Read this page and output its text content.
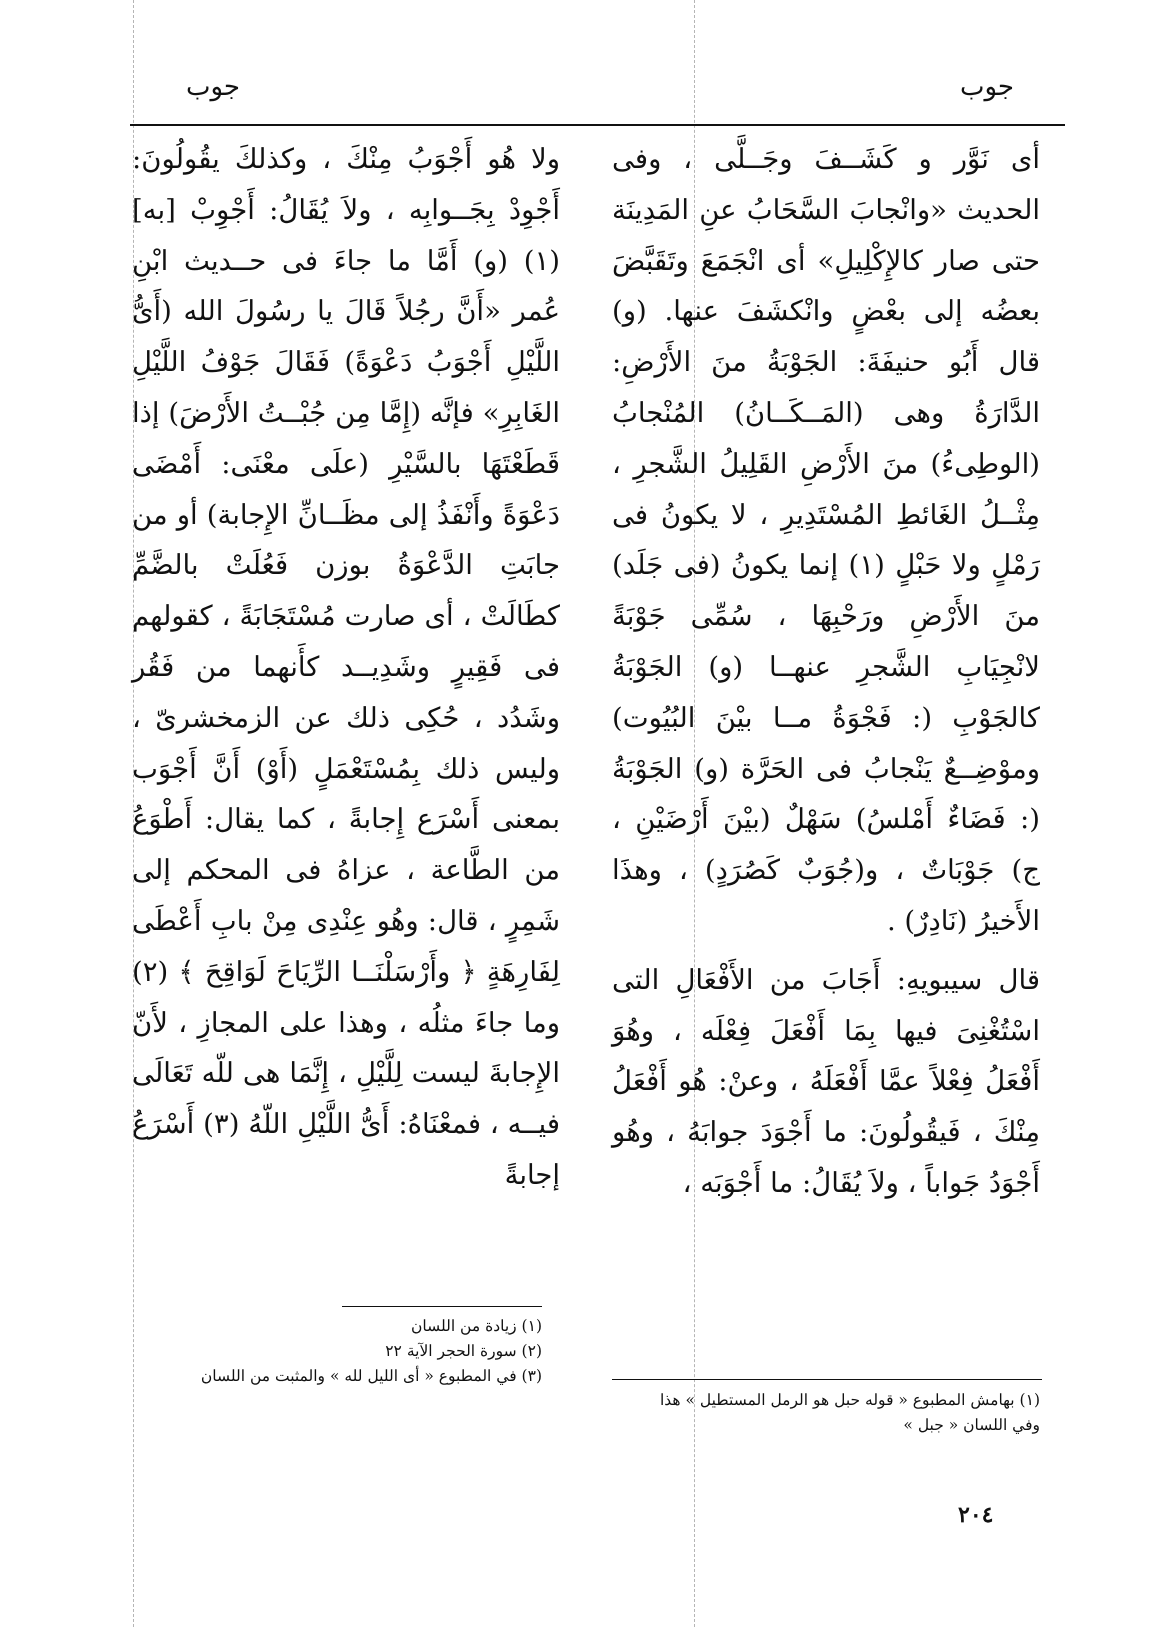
جوب
جوب

أى نَوَّر و كَشَــفَ وجَــلَّى ، وفى الحديث «وانْجابَ السَّحَابُ عنِ المَدِينَة حتى صار كالإِكْلِيلِ» أى انْجَمَعَ وتَقَبَّضَ بعضُه إلى بعْضٍ وانْكشَفَ عنها. (و) قال أَبُو حنيفَةَ: الجَوْبَةُ منَ الأَرْضِ: الدَّارَةُ وهى (المَــكَــانُ) المُنْجابُ (الوطِىءُ) منَ الأَرْضِ القَلِيلُ الشَّجرِ ، مِثْــلُ الغَائطِ المُسْتَدِيرِ ، لا يكونُ فى رَمْلٍ ولا حَبْلٍ (١) إنما يكونُ (فى جَلَد) منَ الأَرْضِ ورَحْبِهَا ، سُمِّى جَوْبَةً لانْجِيَابِ الشَّجرِ عنهــا (و) الجَوْبَةُ كالجَوْبِ (: فَجْوَةُ مــا بيْنَ البُيُوت) وموْضِــعٌ يَنْجابُ فى الحَرَّة (و) الجَوْبَةُ (: فَضَاءٌ أَمْلسُ) سَهْلٌ (بيْنَ أَرْضَيْنِ ، ج) جَوْبَاتٌ ، و(جُوَبٌ كَصُرَدٍ) ، وهذَا الأَخيرُ (نَادِرٌ) .

قال سيبويهِ: أَجَابَ من الأَفْعَالِ التى اسْتُغْنِىَ فيها بِمَا أَفْعَلَ فِعْلَه ، وهُوَ أَفْعَلُ فِعْلاً عمَّا أَفْعَلَهُ ، وعنْ: هُو أَفْعَلُ مِنْكَ ، فَيقُولُونَ: ما أَجْوَدَ جوابَهُ ، وهُو أَجْوَدُ جَواباً ، ولاَ يُقَالُ: ما أَجْوَبَه ،

ولا هُو أَجْوَبُ مِنْكَ ، وكذلكَ يقُولُونَ: أَجْوِدْ بِجَــوابِه ، ولاَ يُقَالُ: أَجْوِبْ [به] (١) (و) أَمَّا ما جاءَ فى حــديث ابْنِ عُمر «أَنَّ رجُلاً قَالَ يا رسُولَ الله (أَىُّ اللَّيْلِ أَجْوَبُ دَعْوَةً) فَقَالَ جَوْفُ اللَّيْلِ الغَابِرِ» فإنَّه (إِمَّا مِن جُبْــتُ الأَرْضَ) إذا قَطَعْتَهَا بالسَّيْرِ (علَى معْنَى: أَمْضَى دَعْوَةً وأَنْفَذُ إلى مظَــانِّ الإِجابة) أو من جابَتِ الدَّعْوَةُ بوزن فَعُلَتْ بالضَّمِّ كطَالَتْ ، أى صارت مُسْتَجَابَةً ، كقولهم فى فَقِيرٍ وشَدِيــد كأَنهما من فَقُر وشَدُد ، حُكِى ذلك عن الزمخشرىّ ، وليس ذلك بِمُسْتَعْمَلٍ (أَوْ) أَنَّ أَجْوَب بمعنى أَسْرَع إِجابةً ، كما يقال: أَطْوَعُ من الطَّاعة ، عزاهُ فى المحكم إلى شَمِرٍ ، قال: وهُو عِنْدِى مِنْ بابِ أَعْطَى لِفَارِهَةٍ ﴿ وأَرْسَلْنَــا الرِّيَاحَ لَوَاقِحَ ﴾ (٢) وما جاءَ مثلُه ، وهذا على المجازِ ، لأَنّ الإِجابةَ ليست لِلَّيْلِ ، إِنَّمَا هى للّه تَعَالَى فيــه ، فمعْنَاهُ: أَىُّ اللَّيْلِ اللّهُ (٣) أَسْرَعُ إجابةً

(١) بهامش المطبوع « قوله حبل هو الرمل المستطيل » هذا
وفي اللسان « جبل »
(١) زيادة من اللسان
(٢) سورة الحجر الآية ٢٢
(٣) في المطبوع « أى الليل لله » والمثبت من اللسان
٢٠٤
